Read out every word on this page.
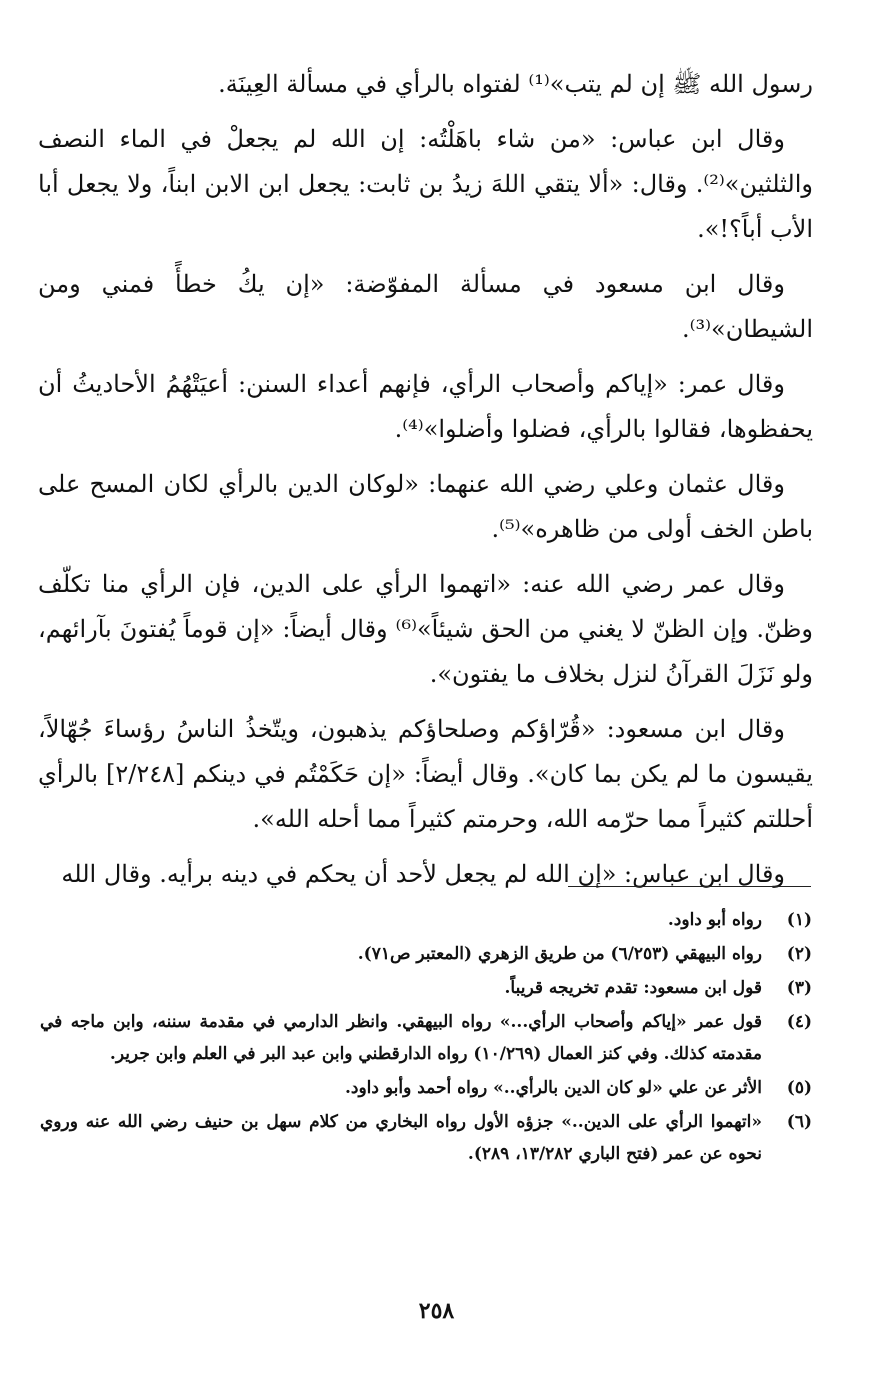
رسول الله ﷺ إن لم يتب»⁽¹⁾ لفتواه بالرأي في مسألة العِينَة.

وقال ابن عباس: «من شاء باهَلْتُه: إن الله لم يجعلْ في الماء النصف والثلثين»⁽²⁾. وقال: «ألا يتقي اللهَ زيدُ بن ثابت: يجعل ابن الابن ابناً، ولا يجعل أبا الأب أباً؟!».

وقال ابن مسعود في مسألة المفوّضة: «إن يكُ خطأً فمني ومن الشيطان»⁽³⁾.

وقال عمر: «إياكم وأصحاب الرأي، فإنهم أعداء السنن: أعيَتْهُمُ الأحاديثُ أن يحفظوها، فقالوا بالرأي، فضلوا وأضلوا»⁽⁴⁾.

وقال عثمان وعلي رضي الله عنهما: «لوكان الدين بالرأي لكان المسح على باطن الخف أولى من ظاهره»⁽⁵⁾.

وقال عمر رضي الله عنه: «اتهموا الرأي على الدين، فإن الرأي منا تكلّف وظنّ. وإن الظنّ لا يغني من الحق شيئاً»⁽⁶⁾ وقال أيضاً: «إن قوماً يُفتونَ بآرائهم، ولو نَزَلَ القرآنُ لنزل بخلاف ما يفتون».

وقال ابن مسعود: «قُرّاؤكم وصلحاؤكم يذهبون، ويتّخذُ الناسُ رؤساءَ جُهّالاً، يقيسون ما لم يكن بما كان». وقال أيضاً: «إن حَكَمْتُم في دينكم [٢/٢٤٨] بالرأي أحللتم كثيراً مما حرّمه الله، وحرمتم كثيراً مما أحله الله».

وقال ابن عباس: «إن الله لم يجعل لأحد أن يحكم في دينه برأيه. وقال الله

(١)
رواه أبو داود.
(٢)
رواه البيهقي (٦/٢٥٣) من طريق الزهري (المعتبر ص٧١).
(٣)
قول ابن مسعود: تقدم تخريجه قريباً.
(٤)
قول عمر «إياكم وأصحاب الرأي...» رواه البيهقي. وانظر الدارمي في مقدمة سننه، وابن ماجه في مقدمته كذلك. وفي كنز العمال (١٠/٢٦٩) رواه الدارقطني وابن عبد البر في العلم وابن جرير.
(٥)
الأثر عن علي «لو كان الدين بالرأي..» رواه أحمد وأبو داود.
(٦)
«اتهموا الرأي على الدين..» جزؤه الأول رواه البخاري من كلام سهل بن حنيف رضي الله عنه وروي نحوه عن عمر (فتح الباري ١٣/٢٨٢، ٢٨٩).
٢٥٨
